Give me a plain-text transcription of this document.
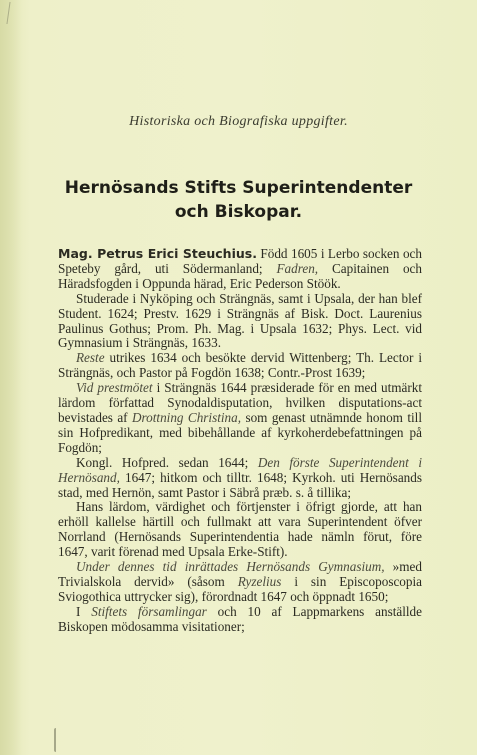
Historiska och Biografiska uppgifter.
Hernösands Stifts Superintendenter
och Biskopar.

Mag. Petrus Erici Steuchius. Född 1605 i Lerbo socken och Speteby gård, uti Södermanland; Fadren, Capitainen och Häradsfogden i Oppunda härad, Eric Pederson Stöök.

Studerade i Nyköping och Strängnäs, samt i Upsala, der han blef Student. 1624; Prestv. 1629 i Strängnäs af Bisk. Doct. Laurenius Paulinus Gothus; Prom. Ph. Mag. i Upsala 1632; Phys. Lect. vid Gymnasium i Strängnäs, 1633.

Reste utrikes 1634 och besökte dervid Wittenberg; Th. Lector i Strängnäs, och Pastor på Fogdön 1638; Contr.-Prost 1639;

Vid prestmötet i Strängnäs 1644 præsiderade för en med utmärkt lärdom författad Synodaldisputation, hvilken disputations-act bevistades af Drottning Christina, som genast utnämnde honom till sin Hofpredikant, med bibehållande af kyrkoherdebefattningen på Fogdön;

Kongl. Hofpred. sedan 1644; Den förste Superintendent i Hernösand, 1647; hitkom och tilltr. 1648; Kyrkoh. uti Hernösands stad, med Hernön, samt Pastor i Säbrå præb. s. å tillika;

Hans lärdom, värdighet och förtjenster i öfrigt gjorde, att han erhöll kallelse härtill och fullmakt att vara Superintendent öfver Norrland (Hernösands Superintendentia hade nämln förut, före 1647, varit förenad med Upsala Erke-Stift).

Under dennes tid inrättades Hernösands Gymnasium, »med Trivialskola dervid» (såsom Ryzelius i sin Episcoposcopia Sviogothica uttrycker sig), förordnadt 1647 och öppnadt 1650;

I Stiftets församlingar och 10 af Lappmarkens anställde Biskopen mödosamma visitationer;
